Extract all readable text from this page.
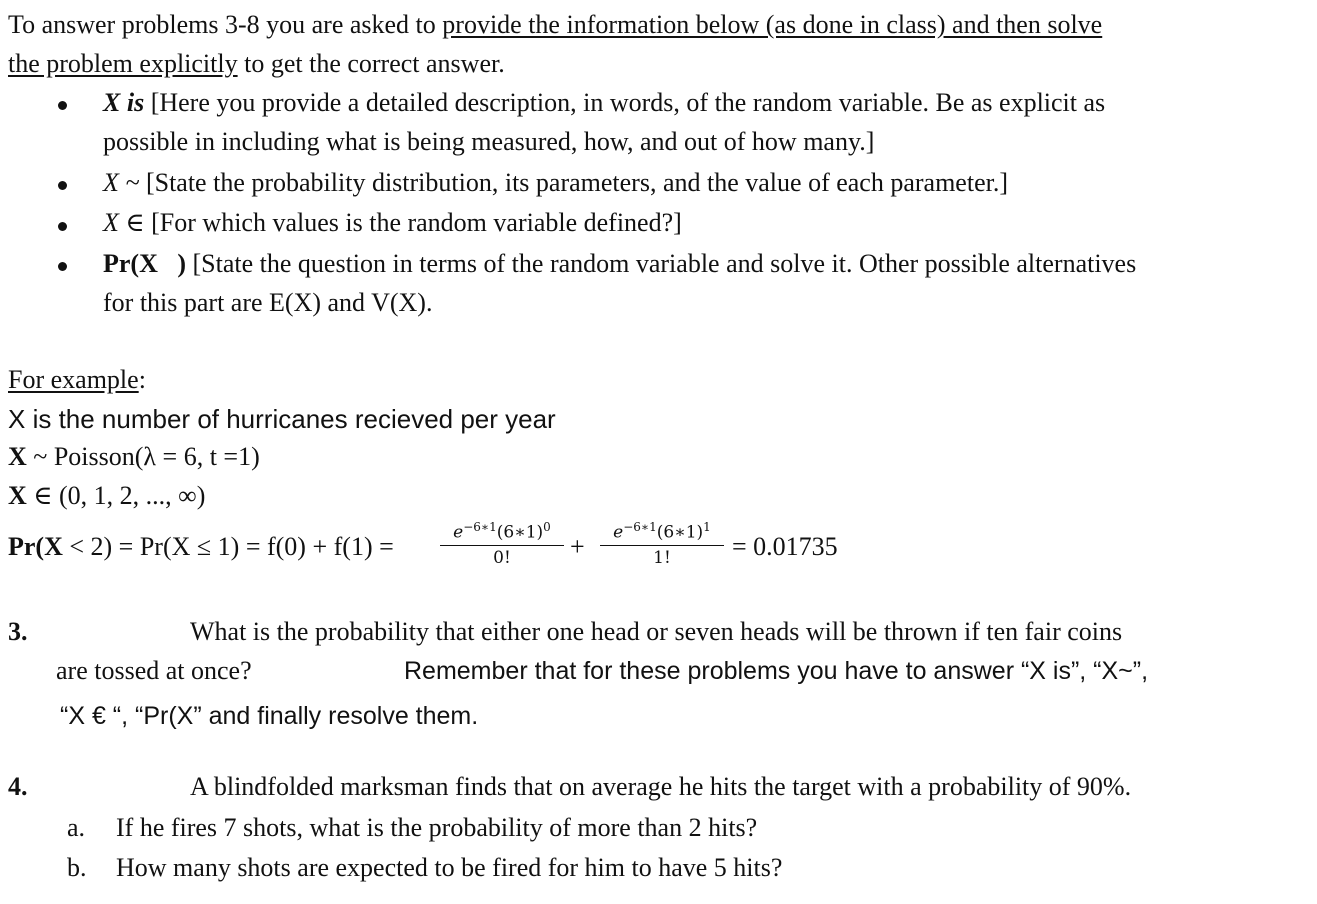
To answer problems 3-8 you are asked to provide the information below (as done in class) and then solve
the problem explicitly to get the correct answer.
X is [Here you provide a detailed description, in words, of the random variable. Be as explicit as
possible in including what is being measured, how, and out of how many.]
X ~ [State the probability distribution, its parameters, and the value of each parameter.]
X ∈ [For which values is the random variable defined?]
Pr(X   ) [State the question in terms of the random variable and solve it. Other possible alternatives
for this part are E(X) and V(X).
For example:
X is the number of hurricanes recieved per year
X ~ Poisson(λ = 6, t =1)
X ∈ (0, 1, 2, ..., ∞)
Pr(X < 2) = Pr(X ≤ 1) = f(0) + f(1) =	$e^{-6∗1}(6∗1)^0$
0!	+	$e^{-6∗1}(6∗1)^1$
1!	= 0.01735
3.	What is the probability that either one head or seven heads will be thrown if ten fair coins
are tossed at once?	Remember that for these problems you have to answer “X is”, “X~”,
“X € “, “Pr(X” and finally resolve them.
4.	A blindfolded marksman finds that on average he hits the target with a probability of 90%.
a. If he fires 7 shots, what is the probability of more than 2 hits?
b. How many shots are expected to be fired for him to have 5 hits?
